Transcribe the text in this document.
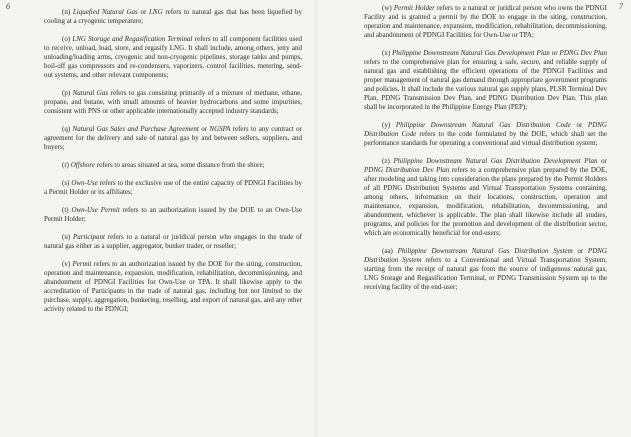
6

(n) Liquefied Natural Gas or LNG refers to natural gas that has been liquefied by cooling at a cryogenic temperature;

(o) LNG Storage and Regasification Terminal refers to all component facilities used to receive, unload, load, store, and regasify LNG. It shall include, among others, jetty and unloading/loading arms, cryogenic and non-cryogenic pipelines, storage tanks and pumps, boil-off gas compressors and re-condensers, vaporizers, control facilities, metering, send-out systems, and other relevant components;

(p) Natural Gas refers to gas consisting primarily of a mixture of methane, ethane, propane, and butane, with small amounts of heavier hydrocarbons and some impurities, consistent with PNS or other applicable internationally accepted industry standards;

(q) Natural Gas Sales and Purchase Agreement or NGSPA refers to any contract or agreement for the delivery and sale of natural gas by and between sellers, suppliers, and buyers;

(r) Offshore refers to areas situated at sea, some distance from the shore;

(s) Own-Use refers to the exclusive use of the entire capacity of PDNGI Facilities by a Permit Holder or its affiliates;

(t) Own-Use Permit refers to an authorization issued by the DOE to an Own-Use Permit Holder;

(u) Participant refers to a natural or juridical person who engages in the trade of natural gas either as a supplier, aggregator, bunker trader, or reseller;

(v) Permit refers to an authorization issued by the DOE for the siting, construction, operation and maintenance, expansion, modification, rehabilitation, decommissioning, and abandonment of PDNGI Facilities for Own-Use or TPA. It shall likewise apply to the accreditation of Participants in the trade of natural gas, including but not limited to the purchase, supply, aggregation, bunkering, reselling, and export of natural gas, and any other activity related to the PDNGI;

7

(w) Permit Holder refers to a natural or juridical person who owns the PDNGI Facility and is granted a permit by the DOE to engage in the siting, construction, operation and maintenance, expansion, modification, rehabilitation, decommissioning, and abandonment of PDNGI Facilities for Own-Use or TPA;

(x) Philippine Downstream Natural Gas Development Plan or PDNG Dev Plan refers to the comprehensive plan for ensuring a safe, secure, and reliable supply of natural gas and establishing the efficient operations of the PDNGI Facilities and proper management of natural gas demand through appropriate government programs and policies. It shall include the various natural gas supply plans, PLSR Terminal Dev Plan, PDNG Transmission Dev Plan, and PDNG Distribution Dev Plan. This plan shall be incorporated in the Philippine Energy Plan (PEP);

(y) Philippine Downstream Natural Gas Distribution Code or PDNG Distribution Code refers to the code formulated by the DOE, which shall set the performance standards for operating a conventional and virtual distribution system;

(z) Philippine Downstream Natural Gas Distribution Development Plan or PDNG Distribution Dev Plan refers to a comprehensive plan prepared by the DOE, after modeling and taking into consideration the plans prepared by the Permit Holders of all PDNG Distribution Systems and Virtual Transportation Systems containing, among others, information on their locations, construction, operation and maintenance, expansion, modification, rehabilitation, decommissioning, and abandonment, whichever is applicable. The plan shall likewise include all studies, programs, and policies for the promotion and development of the distribution sector, which are economically beneficial for end-users;

(aa) Philippine Downstream Natural Gas Distribution System or PDNG Distribution System refers to a Conventional and Virtual Transportation System, starting from the receipt of natural gas from the source of indigenous natural gas, LNG Storage and Regasification Terminal, or PDNG Transmission System up to the receiving facility of the end-user;
